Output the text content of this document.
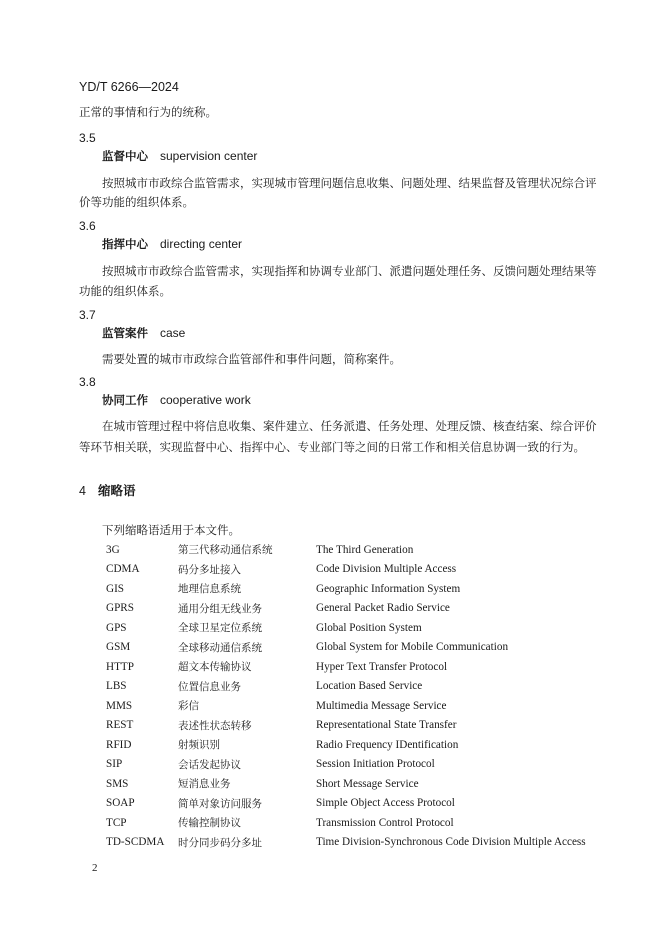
YD/T 6266—2024
正常的事情和行为的统称。
3.5
监督中心 supervision center
按照城市市政综合监管需求，实现城市管理问题信息收集、问题处理、结果监督及管理状况综合评
价等功能的组织体系。
3.6
指挥中心 directing center
按照城市市政综合监管需求，实现指挥和协调专业部门、派遣问题处理任务、反馈问题处理结果等
功能的组织体系。
3.7
监管案件 case
需要处置的城市市政综合监管部件和事件问题，简称案件。
3.8
协同工作 cooperative work
在城市管理过程中将信息收集、案件建立、任务派遣、任务处理、处理反馈、核查结案、综合评价
等环节相关联，实现监督中心、指挥中心、专业部门等之间的日常工作和相关信息协调一致的行为。
4 缩略语
下列缩略语适用于本文件。
3G	第三代移动通信系统	The Third Generation
CDMA	码分多址接入	Code Division Multiple Access
GIS	地理信息系统	Geographic Information System
GPRS	通用分组无线业务	General Packet Radio Service
GPS	全球卫星定位系统	Global Position System
GSM	全球移动通信系统	Global System for Mobile Communication
HTTP	超文本传输协议	Hyper Text Transfer Protocol
LBS	位置信息业务	Location Based Service
MMS	彩信	Multimedia Message Service
REST	表述性状态转移	Representational State Transfer
RFID	射频识别	Radio Frequency IDentification
SIP	会话发起协议	Session Initiation Protocol
SMS	短消息业务	Short Message Service
SOAP	简单对象访问服务	Simple Object Access Protocol
TCP	传输控制协议	Transmission Control Protocol
TD-SCDMA	时分同步码分多址	Time Division-Synchronous Code Division Multiple Access
2
